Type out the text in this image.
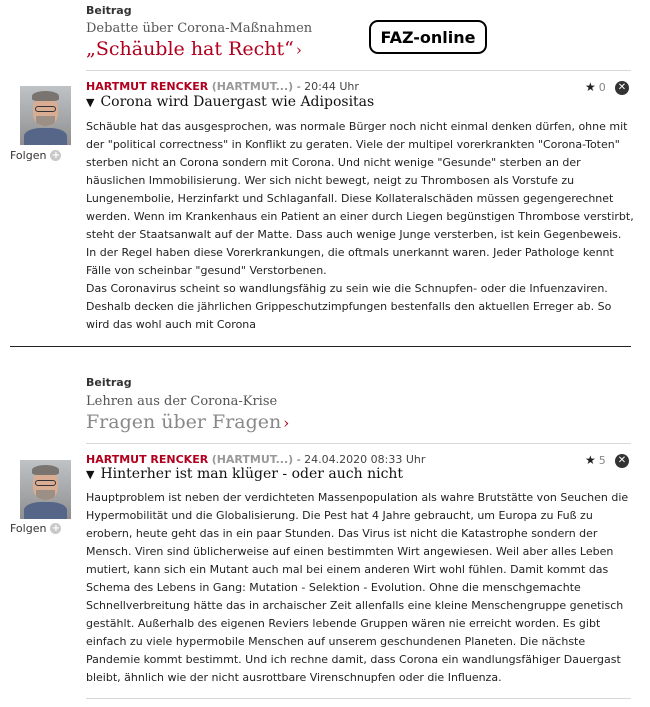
Beitrag
Debatte über Corona-Maßnahmen
„Schäuble hat Recht“ ›
FAZ-online
Folgen +
HARTMUT RENCKER (HARTMUT...) - 20:44 Uhr	★ 0 ✕
▼ Corona wird Dauergast wie Adipositas

Schäuble hat das ausgesprochen, was normale Bürger noch nicht einmal denken dürfen, ohne mit der "political correctness" in Konflikt zu geraten. Viele der multipel vorerkrankten "Corona-Toten" sterben nicht an Corona sondern mit Corona. Und nicht wenige "Gesunde" sterben an der häuslichen Immobilisierung. Wer sich nicht bewegt, neigt zu Thrombosen als Vorstufe zu Lungenembolie, Herzinfarkt und Schlaganfall. Diese Kollateralschäden müssen gegengerechnet werden. Wenn im Krankenhaus ein Patient an einer durch Liegen begünstigen Thrombose verstirbt, steht der Staatsanwalt auf der Matte. Dass auch wenige Junge versterben, ist kein Gegenbeweis. In der Regel haben diese Vorerkrankungen, die oftmals unerkannt waren. Jeder Pathologe kennt Fälle von scheinbar "gesund" Verstorbenen.
Das Coronavirus scheint so wandlungsfähig zu sein wie die Schnupfen- oder die Infuenzaviren. Deshalb decken die jährlichen Grippeschutzimpfungen bestenfalls den aktuellen Erreger ab. So wird das wohl auch mit Corona

Beitrag
Lehren aus der Corona-Krise
Fragen über Fragen ›
Folgen +
HARTMUT RENCKER (HARTMUT...) - 24.04.2020 08:33 Uhr	★ 5 ✕
▼ Hinterher ist man klüger - oder auch nicht

Hauptproblem ist neben der verdichteten Massenpopulation als wahre Brutstätte von Seuchen die Hypermobilität und die Globalisierung. Die Pest hat 4 Jahre gebraucht, um Europa zu Fuß zu erobern, heute geht das in ein paar Stunden. Das Virus ist nicht die Katastrophe sondern der Mensch. Viren sind üblicherweise auf einen bestimmten Wirt angewiesen. Weil aber alles Leben mutiert, kann sich ein Mutant auch mal bei einem anderen Wirt wohl fühlen. Damit kommt das Schema des Lebens in Gang: Mutation - Selektion - Evolution. Ohne die menschgemachte Schnellverbreitung hätte das in archaischer Zeit allenfalls eine kleine Menschengruppe genetisch gestählt. Außerhalb des eigenen Reviers lebende Gruppen wären nie erreicht worden. Es gibt einfach zu viele hypermobile Menschen auf unserem geschundenen Planeten. Die nächste Pandemie kommt bestimmt. Und ich rechne damit, dass Corona ein wandlungsfähiger Dauergast bleibt, ähnlich wie der nicht ausrottbare Virenschnupfen oder die Influenza.
